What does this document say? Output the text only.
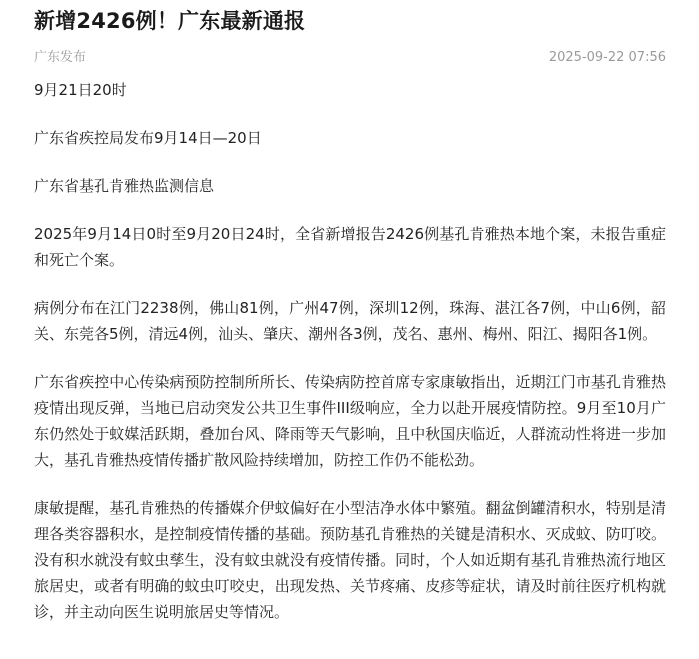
新增2426例！广东最新通报
广东发布	2025-09-22 07:56

9月21日20时

广东省疾控局发布9月14日—20日

广东省基孔肯雅热监测信息

2025年9月14日0时至9月20日24时，全省新增报告2426例基孔肯雅热本地个案，未报告重症和死亡个案。

病例分布在江门2238例，佛山81例，广州47例，深圳12例，珠海、湛江各7例，中山6例，韶关、东莞各5例，清远4例，汕头、肇庆、潮州各3例，茂名、惠州、梅州、阳江、揭阳各1例。

广东省疾控中心传染病预防控制所所长、传染病防控首席专家康敏指出，近期江门市基孔肯雅热疫情出现反弹，当地已启动突发公共卫生事件III级响应，全力以赴开展疫情防控。9月至10月广东仍然处于蚊媒活跃期，叠加台风、降雨等天气影响，且中秋国庆临近，人群流动性将进一步加大，基孔肯雅热疫情传播扩散风险持续增加，防控工作仍不能松劲。

康敏提醒，基孔肯雅热的传播媒介伊蚊偏好在小型洁净水体中繁殖。翻盆倒罐清积水，特别是清理各类容器积水，是控制疫情传播的基础。预防基孔肯雅热的关键是清积水、灭成蚊、防叮咬。没有积水就没有蚊虫孳生，没有蚊虫就没有疫情传播。同时，个人如近期有基孔肯雅热流行地区旅居史，或者有明确的蚊虫叮咬史，出现发热、关节疼痛、皮疹等症状，请及时前往医疗机构就诊，并主动向医生说明旅居史等情况。
